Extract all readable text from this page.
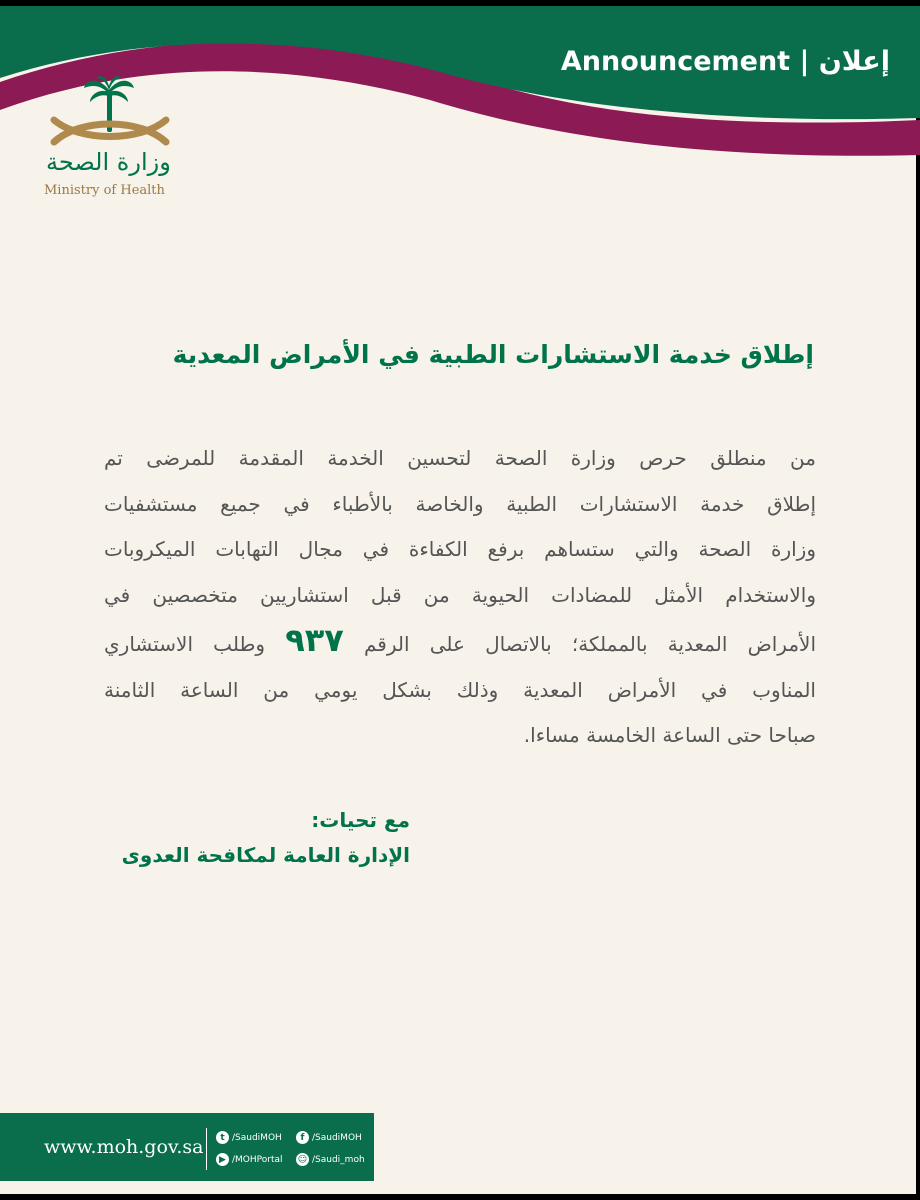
Announcement | إعلان
وزارة الصحة
Ministry of Health
إطلاق خدمة الاستشارات الطبية في الأمراض المعدية
من منطلق حرص وزارة الصحة لتحسين الخدمة المقدمة للمرضى تم
إطلاق خدمة الاستشارات الطبية والخاصة بالأطباء في جميع مستشفيات
وزارة الصحة والتي ستساهم برفع الكفاءة في مجال التهابات الميكروبات
والاستخدام الأمثل للمضادات الحيوية من قبل استشاريين متخصصين في
الأمراض المعدية بالمملكة؛ بالاتصال على الرقم ٩٣٧ وطلب الاستشاري
المناوب في الأمراض المعدية وذلك بشكل يومي من الساعة الثامنة
صباحا حتى الساعة الخامسة مساءا.
مع تحيات:
الإدارة العامة لمكافحة العدوى
www.moh.gov.sa	t /SaudiMOH	f /SaudiMOH
▶ /MOHPortal ☺ /Saudi_moh
